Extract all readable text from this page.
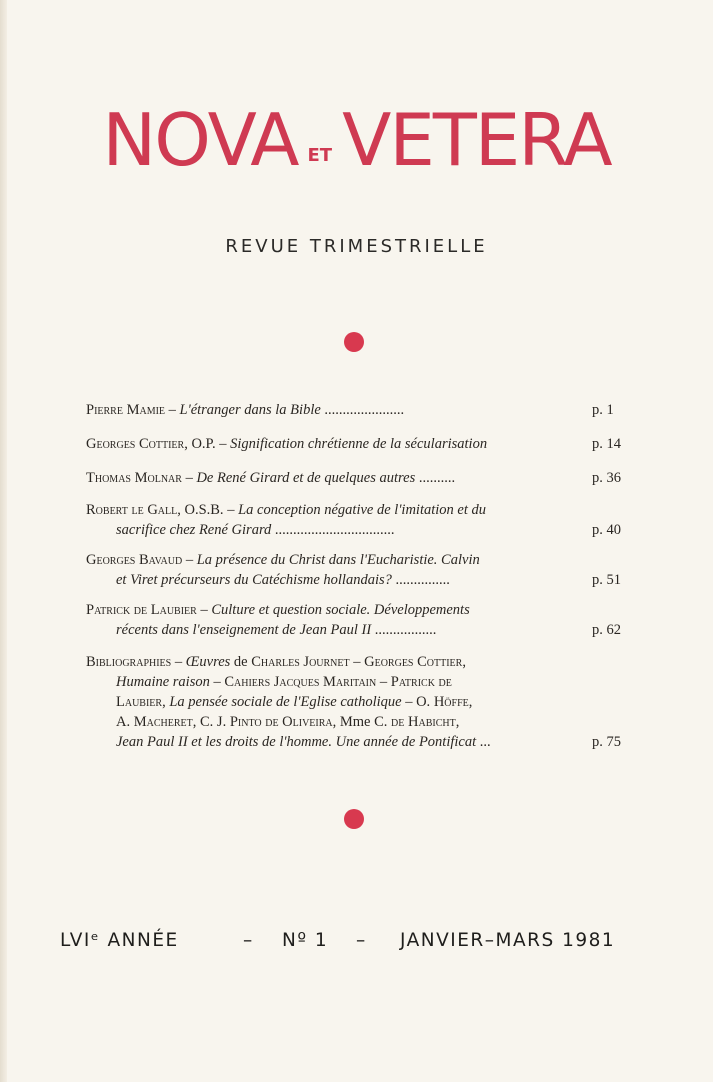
NOVA ET VETERA
REVUE TRIMESTRIELLE
Pierre Mamie – L'étranger dans la Bible ......................	p. 1
Georges Cottier, O.P. – Signification chrétienne de la sécularisation	p. 14
Thomas Molnar – De René Girard et de quelques autres ..........	p. 36
Robert le Gall, O.S.B. – La conception négative de l'imitation et du
sacrifice chez René Girard .................................	p. 40
Georges Bavaud – La présence du Christ dans l'Eucharistie. Calvin
et Viret précurseurs du Catéchisme hollandais? ...............	p. 51
Patrick de Laubier – Culture et question sociale. Développements
récents dans l'enseignement de Jean Paul II .................	p. 62
Bibliographies – Œuvres de Charles Journet – Georges Cottier,
Humaine raison – Cahiers Jacques Maritain – Patrick de
Laubier, La pensée sociale de l'Eglise catholique – O. Höffe,
A. Macheret, C. J. Pinto de Oliveira, Mme C. de Habicht,
Jean Paul II et les droits de l'homme. Une année de Pontificat ...	p. 75
LVIᵉ ANNÉE	– Nº 1 – JANVIER–MARS 1981
